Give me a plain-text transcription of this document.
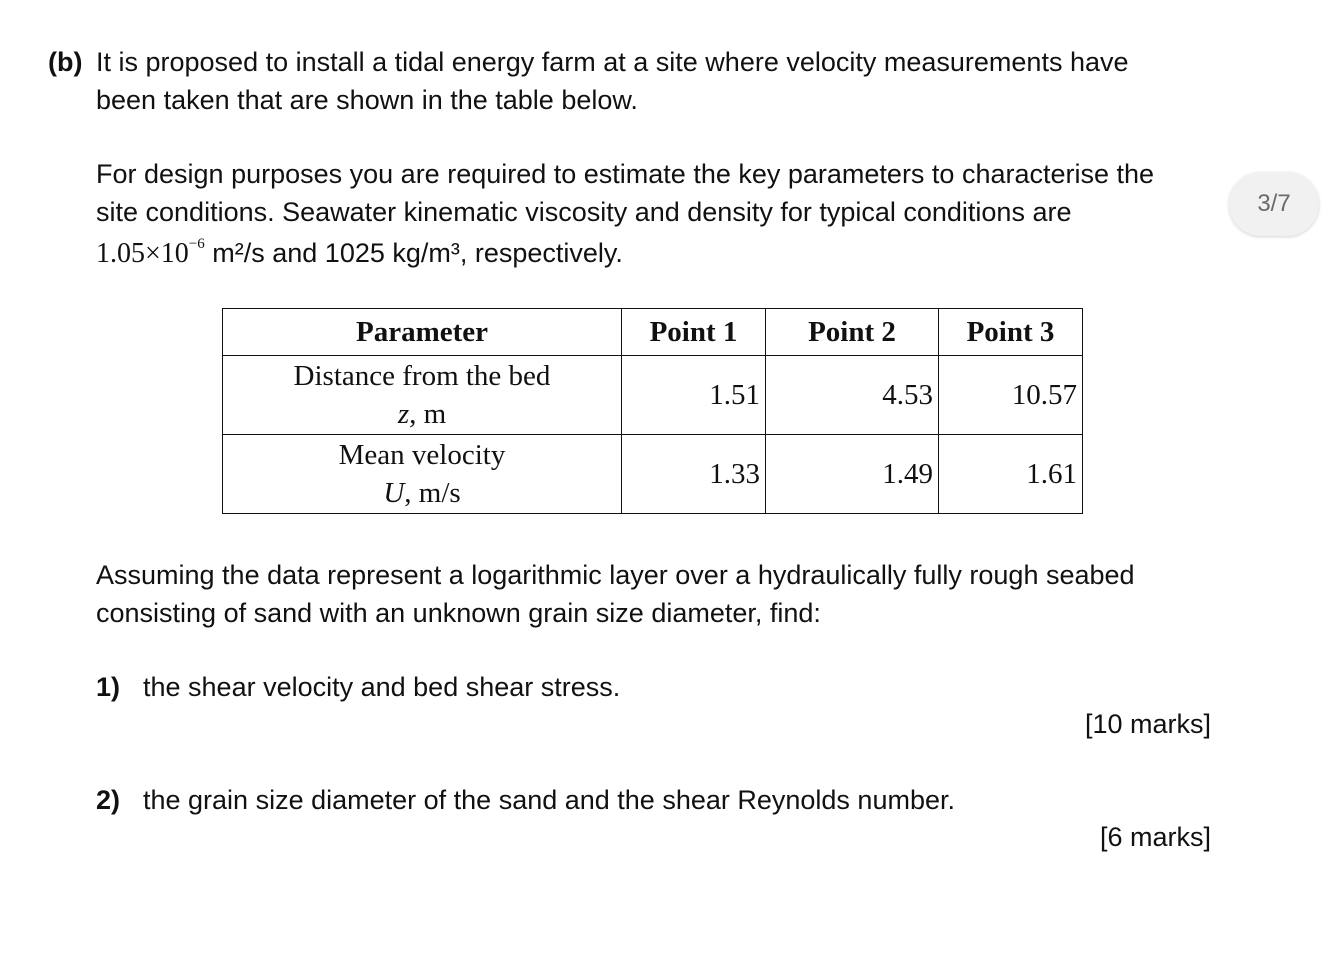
(b) It is proposed to install a tidal energy farm at a site where velocity measurements have
been taken that are shown in the table below.
For design purposes you are required to estimate the key parameters to characterise the
site conditions. Seawater kinematic viscosity and density for typical conditions are
$1.05\times 10^{-6}$ m²/s and 1025 kg/m³, respectively.
3/7
Parameter	Point 1	Point 2	Point 3

Distance from the bed
z, m	1.51	4.53	10.57

Mean velocity
U, m/s	1.33	1.49	1.61
Assuming the data represent a logarithmic layer over a hydraulically fully rough seabed
consisting of sand with an unknown grain size diameter, find:
1) the shear velocity and bed shear stress.
[10 marks]
2) the grain size diameter of the sand and the shear Reynolds number.
[6 marks]
